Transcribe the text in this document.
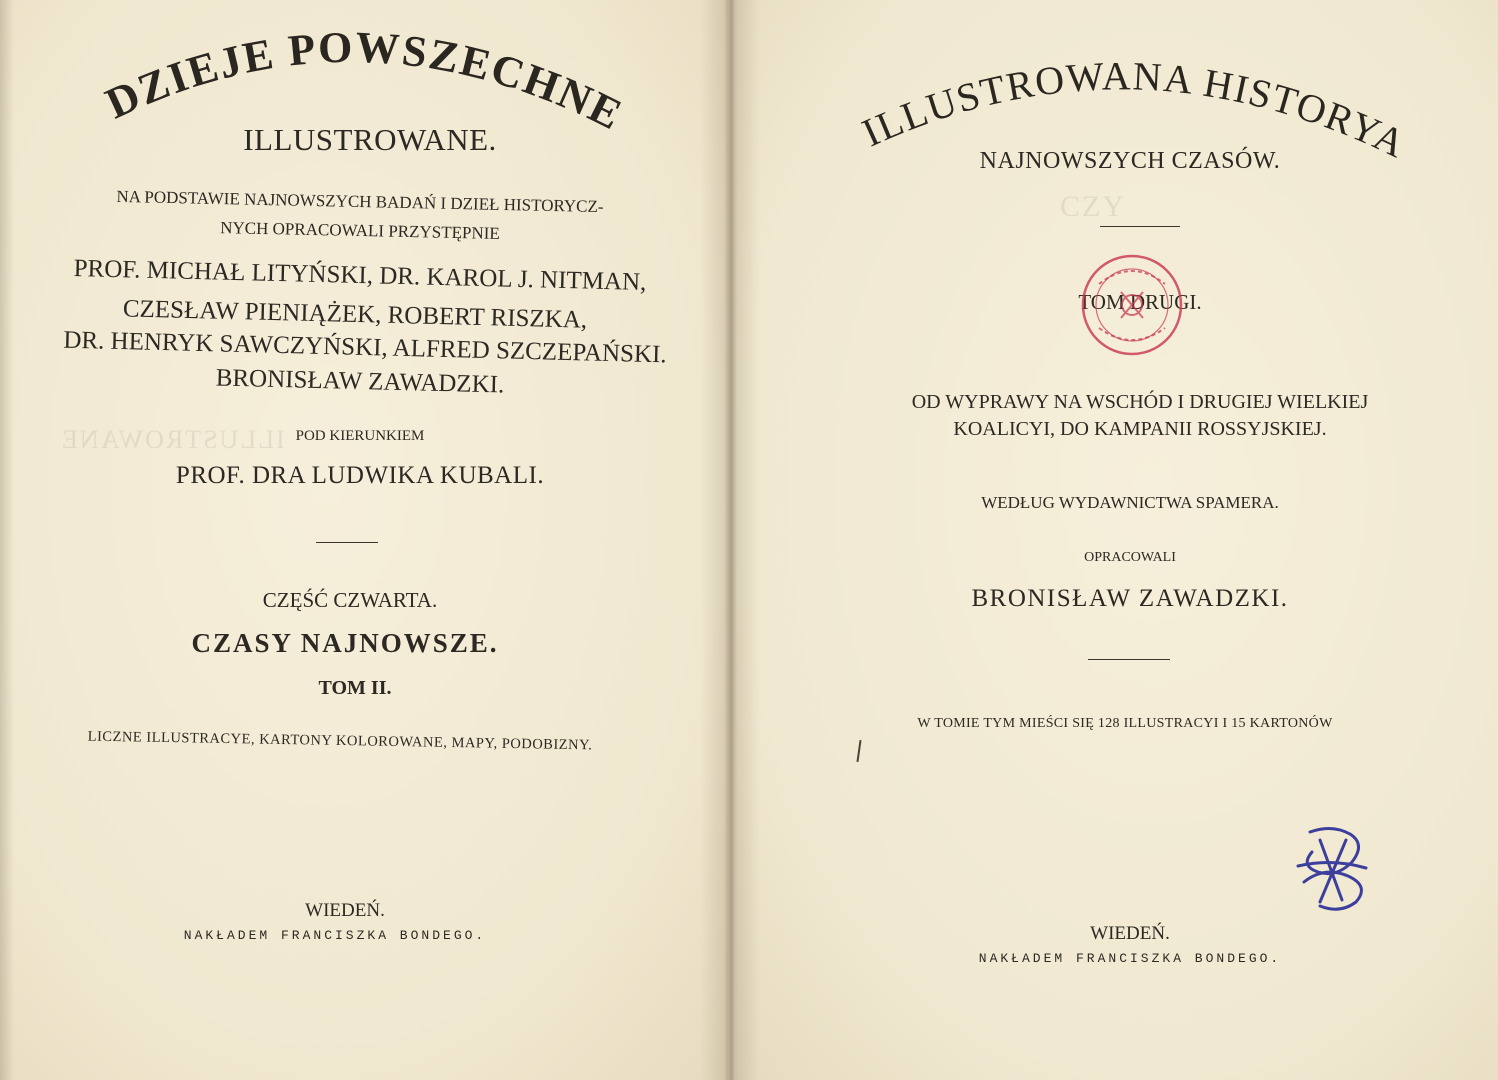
ILLUSTROWANE
CZY
DZIEJE POWSZECHNE
ILLUSTROWANE.
NA PODSTAWIE NAJNOWSZYCH BADAŃ I DZIEŁ HISTORYCZ-
NYCH OPRACOWALI PRZYSTĘPNIE
PROF. MICHAŁ LITYŃSKI, DR. KAROL J. NITMAN,
CZESŁAW PIENIĄŻEK, ROBERT RISZKA,
DR. HENRYK SAWCZYŃSKI, ALFRED SZCZEPAŃSKI.
BRONISŁAW ZAWADZKI.
POD KIERUNKIEM
PROF. DRA LUDWIKA KUBALI.
CZĘŚĆ CZWARTA.
CZASY NAJNOWSZE.
TOM II.
LICZNE ILLUSTRACYE, KARTONY KOLOROWANE, MAPY, PODOBIZNY.
WIEDEŃ.
NAKŁADEM FRANCISZKA BONDEGO.
ILLUSTROWANA HISTORYA
NAJNOWSZYCH CZASÓW.
TOM DRUGI.
OD WYPRAWY NA WSCHÓD I DRUGIEJ WIELKIEJ
KOALICYI, DO KAMPANII ROSSYJSKIEJ.
WEDŁUG WYDAWNICTWA SPAMERA.
OPRACOWALI
BRONISŁAW ZAWADZKI.
W TOMIE TYM MIEŚCI SIĘ 128 ILLUSTRACYI I 15 KARTONÓW
WIEDEŃ.
NAKŁADEM FRANCISZKA BONDEGO.
